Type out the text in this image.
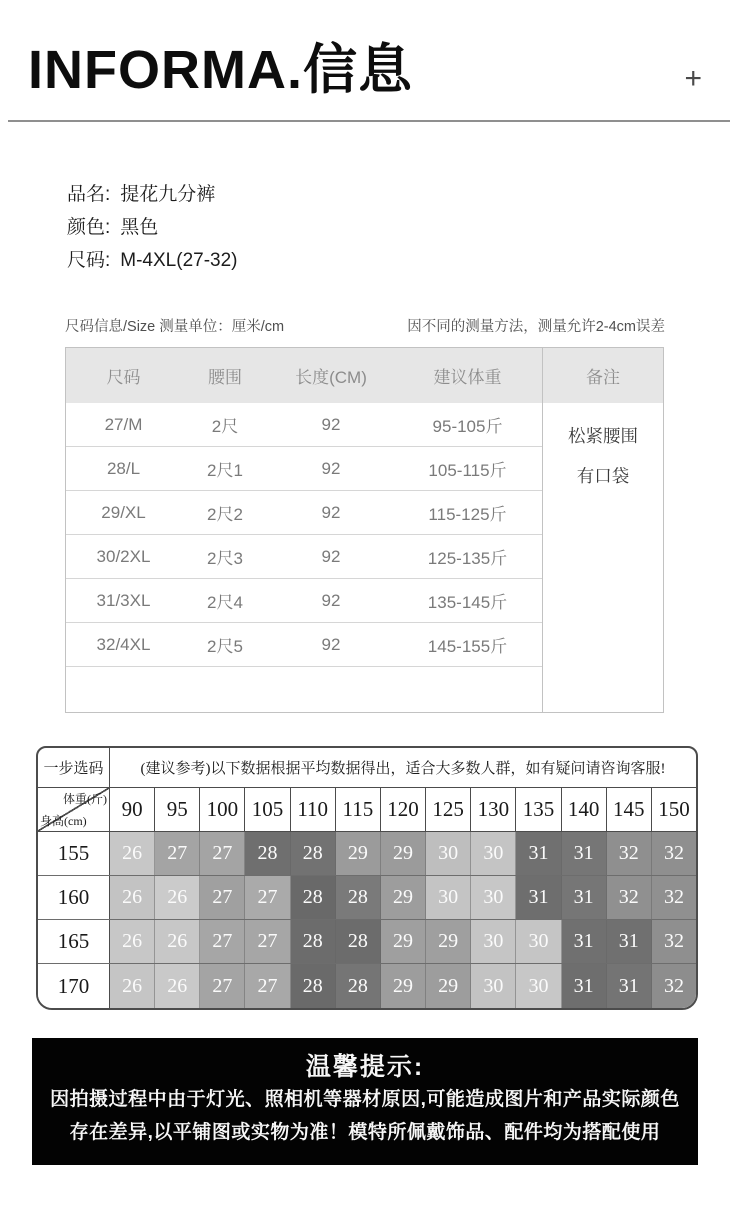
INFORMA.信息	+
品名: 提花九分裤
颜色: 黑色
尺码: M-4XL(27-32)
尺码信息/Size 测量单位：厘米/cm	因不同的测量方法，测量允许2-4cm误差
尺码	腰围	长度(CM)	建议体重
27/M	2尺	92	95-105斤
28/L	2尺1	92	105-115斤
29/XL	2尺2	92	115-125斤
30/2XL	2尺3	92	125-135斤
31/3XL	2尺4	92	135-145斤
32/4XL	2尺5	92	145-155斤
备注
松紧腰围
有口袋
一步选码	(建议参考)以下数据根据平均数据得出，适合大多数人群，如有疑问请咨询客服!
体重(斤)
身高(cm)	90	95 100 105 110 115 120 125 130 135 140 145 150
155	26	27	27	28	28	29	29	30	30	31	31	32	32
160	26	26	27	27	28	28	29	30	30	31	31	32	32
165	26	26	27	27	28	28	29	29	30	30	31	31	32
170	26	26	27	27	28	28	29	29	30	30	31	31	32
温馨提示:
因拍摄过程中由于灯光、照相机等器材原因,可能造成图片和产品实际颜色
存在差异,以平铺图或实物为准！模特所佩戴饰品、配件均为搭配使用
